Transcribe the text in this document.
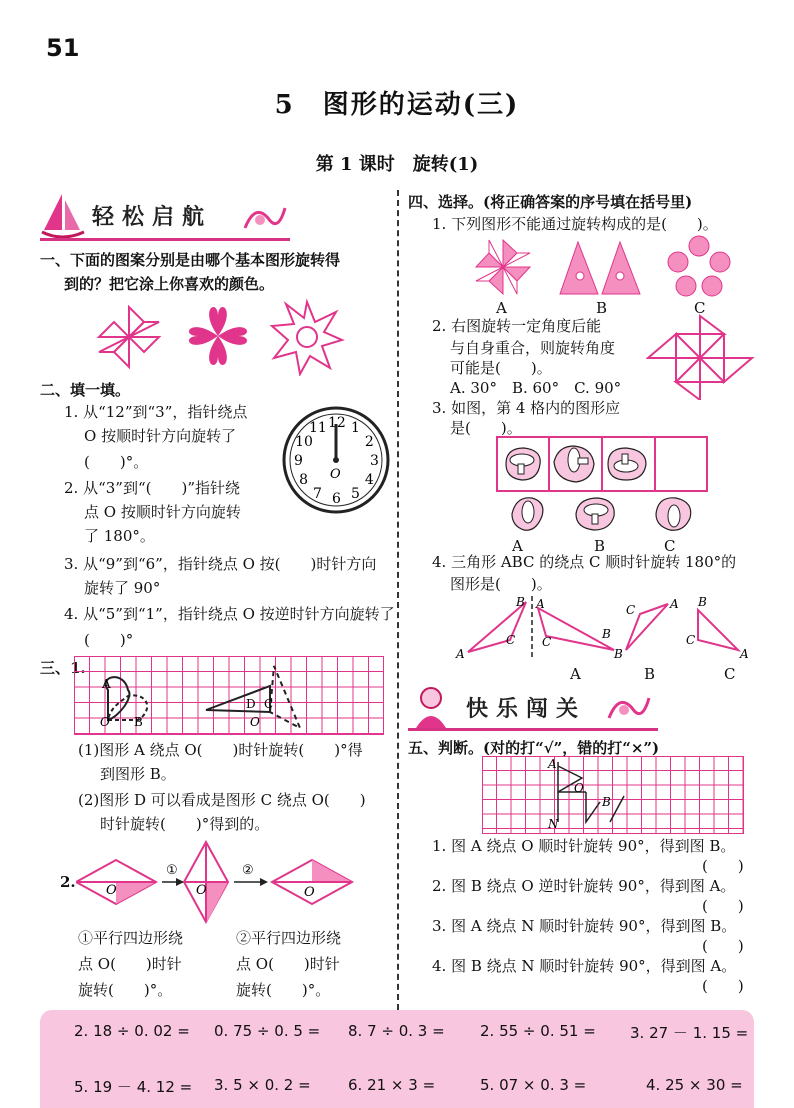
51
5　图形的运动(三)
第 1 课时　旋转(1)
轻松启航
一、下面的图案分别是由哪个基本图形旋转得
到的？把它涂上你喜欢的颜色。
二、填一填。
1. 从“12”到“3”，指针绕点
O 按顺时针方向旋转了
(　　)°。
2. 从“3”到“(　　)”指针绕
点 O 按顺时针方向旋转
了 180°。
12 1
2
3
4
5
6
7
8
9
10
11
O
3. 从“9”到“6”，指针绕点 O 按(　　)时针方向
旋转了 90°
4. 从“5”到“1”，指针绕点 O 按逆时针方向旋转了
(　　)°
三、1.
A
O B
D C
O
(1)图形 A 绕点 O(　　)时针旋转(　　)°得
到图形 B。
(2)图形 D 可以看成是图形 C 绕点 O(　　)
时针旋转(　　)°得到的。
2. O
①
O
②
O
①平行四边形绕
点 O(　　)时针
旋转(　　)°。
②平行四边形绕
点 O(　　)时针
旋转(　　)°。
四、选择。(将正确答案的序号填在括号里)
1. 下列图形不能通过旋转构成的是(　　)。
A	B	C
2. 右图旋转一定角度后能
与自身重合，则旋转角度
可能是(　　)。
A. 30°　B. 60°　C. 90°
3. 如图，第 4 格内的图形应
是(　　)。
A	B	C
4. 三角形 ABC 的绕点 C 顺时针旋转 180°的
图形是(　　)。
A
B
C
A
C
B
C	A
B
B
C
A
A	B	C
快乐闯关
五、判断。(对的打“√”，错的打“×”)
A
O
B
N
1. 图 A 绕点 O 顺时针旋转 90°，得到图 B。
(　　)
2. 图 B 绕点 O 逆时针旋转 90°，得到图 A。
(　　)
3. 图 A 绕点 N 顺时针旋转 90°，得到图 B。
(　　)
4. 图 B 绕点 N 顺时针旋转 90°，得到图 A。
(　　)
2. 18 ÷ 0. 02 = 0. 75 ÷ 0. 5 = 8. 7 ÷ 0. 3 = 2. 55 ÷ 0. 51 = 3. 27 － 1. 15 =
5. 19 － 4. 12 = 3. 5 × 0. 2 = 6. 21 × 3 =	5. 07 × 0. 3 =	4. 25 × 30 =
